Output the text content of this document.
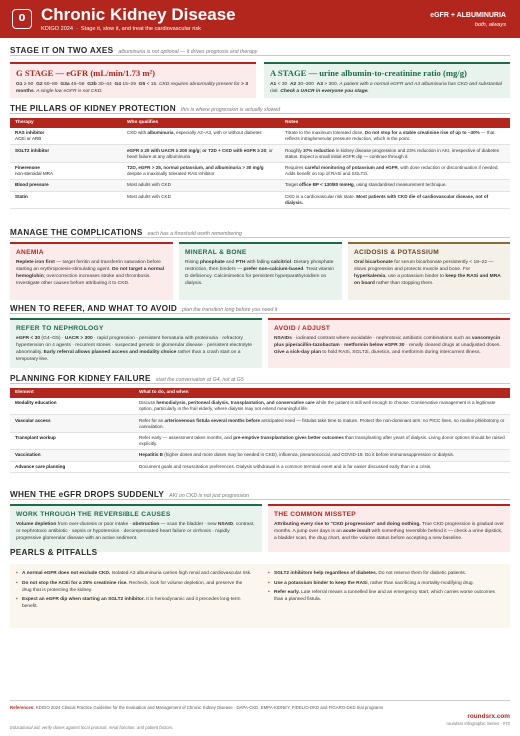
0 Chronic Kidney Disease
KDIGO 2024 · Stage it, slow it, and treat the cardiovascular risk
eGFR + ALBUMINURIA
both, always
STAGE IT ON TWO AXES albuminuria is not optional — it drives prognosis and therapy
G STAGE — eGFR (mL/min/1.73 m²)
G1 ≥ 90 G2 60–89 G3a 45–59 G3b 30–44 G4 15–29 G5 < 15. CKD requires abnormality present for > 3 months. A single low eGFR is not CKD.
A STAGE — urine albumin-to-creatinine ratio (mg/g)
A1 < 30 A2 30–300 A3 > 300. A patient with a normal eGFR and A3 albuminuria has CKD and substantial risk. Check a UACR in everyone you stage.
THE PILLARS OF KIDNEY PROTECTION this is where progression is actually slowed
Therapy	Who qualifies	Notes
RAS inhibitor
ACEi or ARB	CKD with albuminuria, especially A2–A3, with or without diabetes	Titrate to the maximum tolerated dose. Do not stop for a stable creatinine rise of up to ~30% — that reflects intraglomerular pressure reduction, which is the point.
SGLT2 inhibitor	eGFR ≥ 20 with UACR ≥ 200 mg/g; or T2D + CKD with eGFR ≥ 20; or heart failure at any albuminuria	Roughly 37% reduction in kidney disease progression and 23% reduction in AKI, irrespective of diabetes status. Expect a small initial eGFR dip — continue through it.
Finerenone
non-steroidal MRA	T2D, eGFR > 25, normal potassium, and albuminuria > 30 mg/g despite a maximally tolerated RAS inhibitor	Requires careful monitoring of potassium and eGFR, with dose reduction or discontinuation if needed. Adds benefit on top of RASi and SGLT2i.
Blood pressure	Most adults with CKD	Target office BP < 130/80 mmHg, using standardised measurement technique.
Statin	Most adults with CKD	CKD is a cardiovascular risk state. Most patients with CKD die of cardiovascular disease, not of dialysis.
MANAGE THE COMPLICATIONS each has a threshold worth remembering
ANEMIA
Replete iron first — target ferritin and transferrin saturation before starting an erythropoiesis-stimulating agent. Do not target a normal hemoglobin; overcorrection increases stroke and thrombosis. Investigate other causes before attributing it to CKD.
MINERAL & BONE
Rising phosphate and PTH with falling calcitriol. Dietary phosphate restriction, then binders — prefer non-calcium-based. Treat vitamin D deficiency. Calcimimetics for persistent hyperparathyroidism on dialysis.
ACIDOSIS & POTASSIUM
Oral bicarbonate for serum bicarbonate persistently < 18–22 — slows progression and protects muscle and bone. For hyperkalemia, use a potassium binder to keep the RASi and MRA on board rather than stopping them.
WHEN TO REFER, AND WHAT TO AVOID plan the transition long before you need it
REFER TO NEPHROLOGY
eGFR < 30 (G4–G5) · UACR > 300 · rapid progression · persistent hematuria with proteinuria · refractory hypertension on 4 agents · recurrent stones · suspected genetic or glomerular disease · persistent electrolyte abnormality. Early referral allows planned access and modality choice rather than a crash start on a temporary line.
AVOID / ADJUST
NSAIDs · iodinated contrast where avoidable · nephrotoxic antibiotic combinations such as vancomycin plus piperacillin-tazobactam · metformin below eGFR 30 · renally cleared drugs at unadjusted doses. Give a sick-day plan to hold RASi, SGLT2i, diuretics, and metformin during intercurrent illness.
PLANNING FOR KIDNEY FAILURE start the conversation at G4, not at G5
Element	What to do, and when
Modality education	Discuss hemodialysis, peritoneal dialysis, transplantation, and conservative care while the patient is still well enough to choose. Conservative management is a legitimate option, particularly in the frail elderly, where dialysis may not extend meaningful life.
Vascular access	Refer for an arteriovenous fistula several months before anticipated need — fistulas take time to mature. Protect the non-dominant arm: no PICC lines, no routine phlebotomy or cannulation.
Transplant workup	Refer early — assessment takes months, and pre-emptive transplantation gives better outcomes than transplanting after years of dialysis. Living donor options should be raised explicitly.
Vaccination	Hepatitis B (higher doses and more doses may be needed in CKD), influenza, pneumococcal, and COVID-19. Do it before immunosuppression or dialysis.
Advance care planning	Document goals and resuscitation preferences. Dialysis withdrawal is a common terminal event and is far easier discussed early than in a crisis.
WHEN THE eGFR DROPS SUDDENLY AKI on CKD is not just progression
WORK THROUGH THE REVERSIBLE CAUSES
Volume depletion from over-diuresis or poor intake · obstruction — scan the bladder · new NSAID, contrast, or nephrotoxic antibiotic · sepsis or hypotension · decompensated heart failure or cirrhosis · rapidly progressive glomerular disease with an active sediment.
THE COMMON MISSTEP
Attributing every rise to "CKD progression" and doing nothing. True CKD progression is gradual over months. A jump over days is an acute insult with something reversible behind it — check a urine dipstick, a bladder scan, the drug chart, and the volume status before accepting a new baseline.
PEARLS & PITFALLS
• A normal eGFR does not exclude CKD. Isolated A3 albuminuria carries high renal and cardiovascular risk.
• Do not stop the ACEi for a 25% creatinine rise. Recheck, look for volume depletion, and preserve the drug that is protecting the kidney.
• Expect an eGFR dip when starting an SGLT2 inhibitor. It is hemodynamic and it precedes long-term benefit.
• SGLT2 inhibitors help regardless of diabetes. Do not reserve them for diabetic patients.
• Use a potassium binder to keep the RASi, rather than sacrificing a mortality-modifying drug.
• Refer early. Late referral means a tunnelled line and an emergency start, which carries worse outcomes than a planned fistula.
References: KDIGO 2024 Clinical Practice Guideline for the Evaluation and Management of Chronic Kidney Disease · DAPA-CKD, EMPA-KIDNEY, FIDELIO-DKD and FIGARO-DKD trial programs
Educational aid; verify doses against local protocol, renal function, and patient factors.
roundsrx.com
roundsrx Infographic Series · #70
